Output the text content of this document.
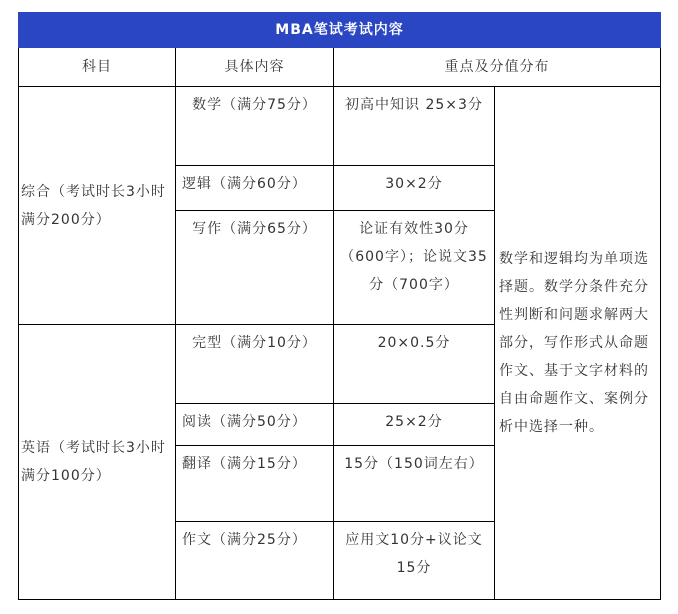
MBA笔试考试内容			
科目	具体内容	重点及分值分布	
综合（考试时长3小时　满分200分）	数学（满分75分）	初高中知识 25×3分	数学和逻辑均为单项选择题。数学分条件充分性判断和问题求解两大部分，写作形式从命题作文、基于文字材料的自由命题作文、案例分析中选择一种。
	逻辑（满分60分）	30×2分	
	写作（满分65分）	论证有效性30分（600字）；论说文35分（700字）	
英语（考试时长3小时　满分100分）	完型（满分10分）	20×0.5分	
	阅读（满分50分）	25×2分	
	翻译（满分15分）	15分（150词左右）	
	作文（满分25分）	应用文10分+议论文15分	
